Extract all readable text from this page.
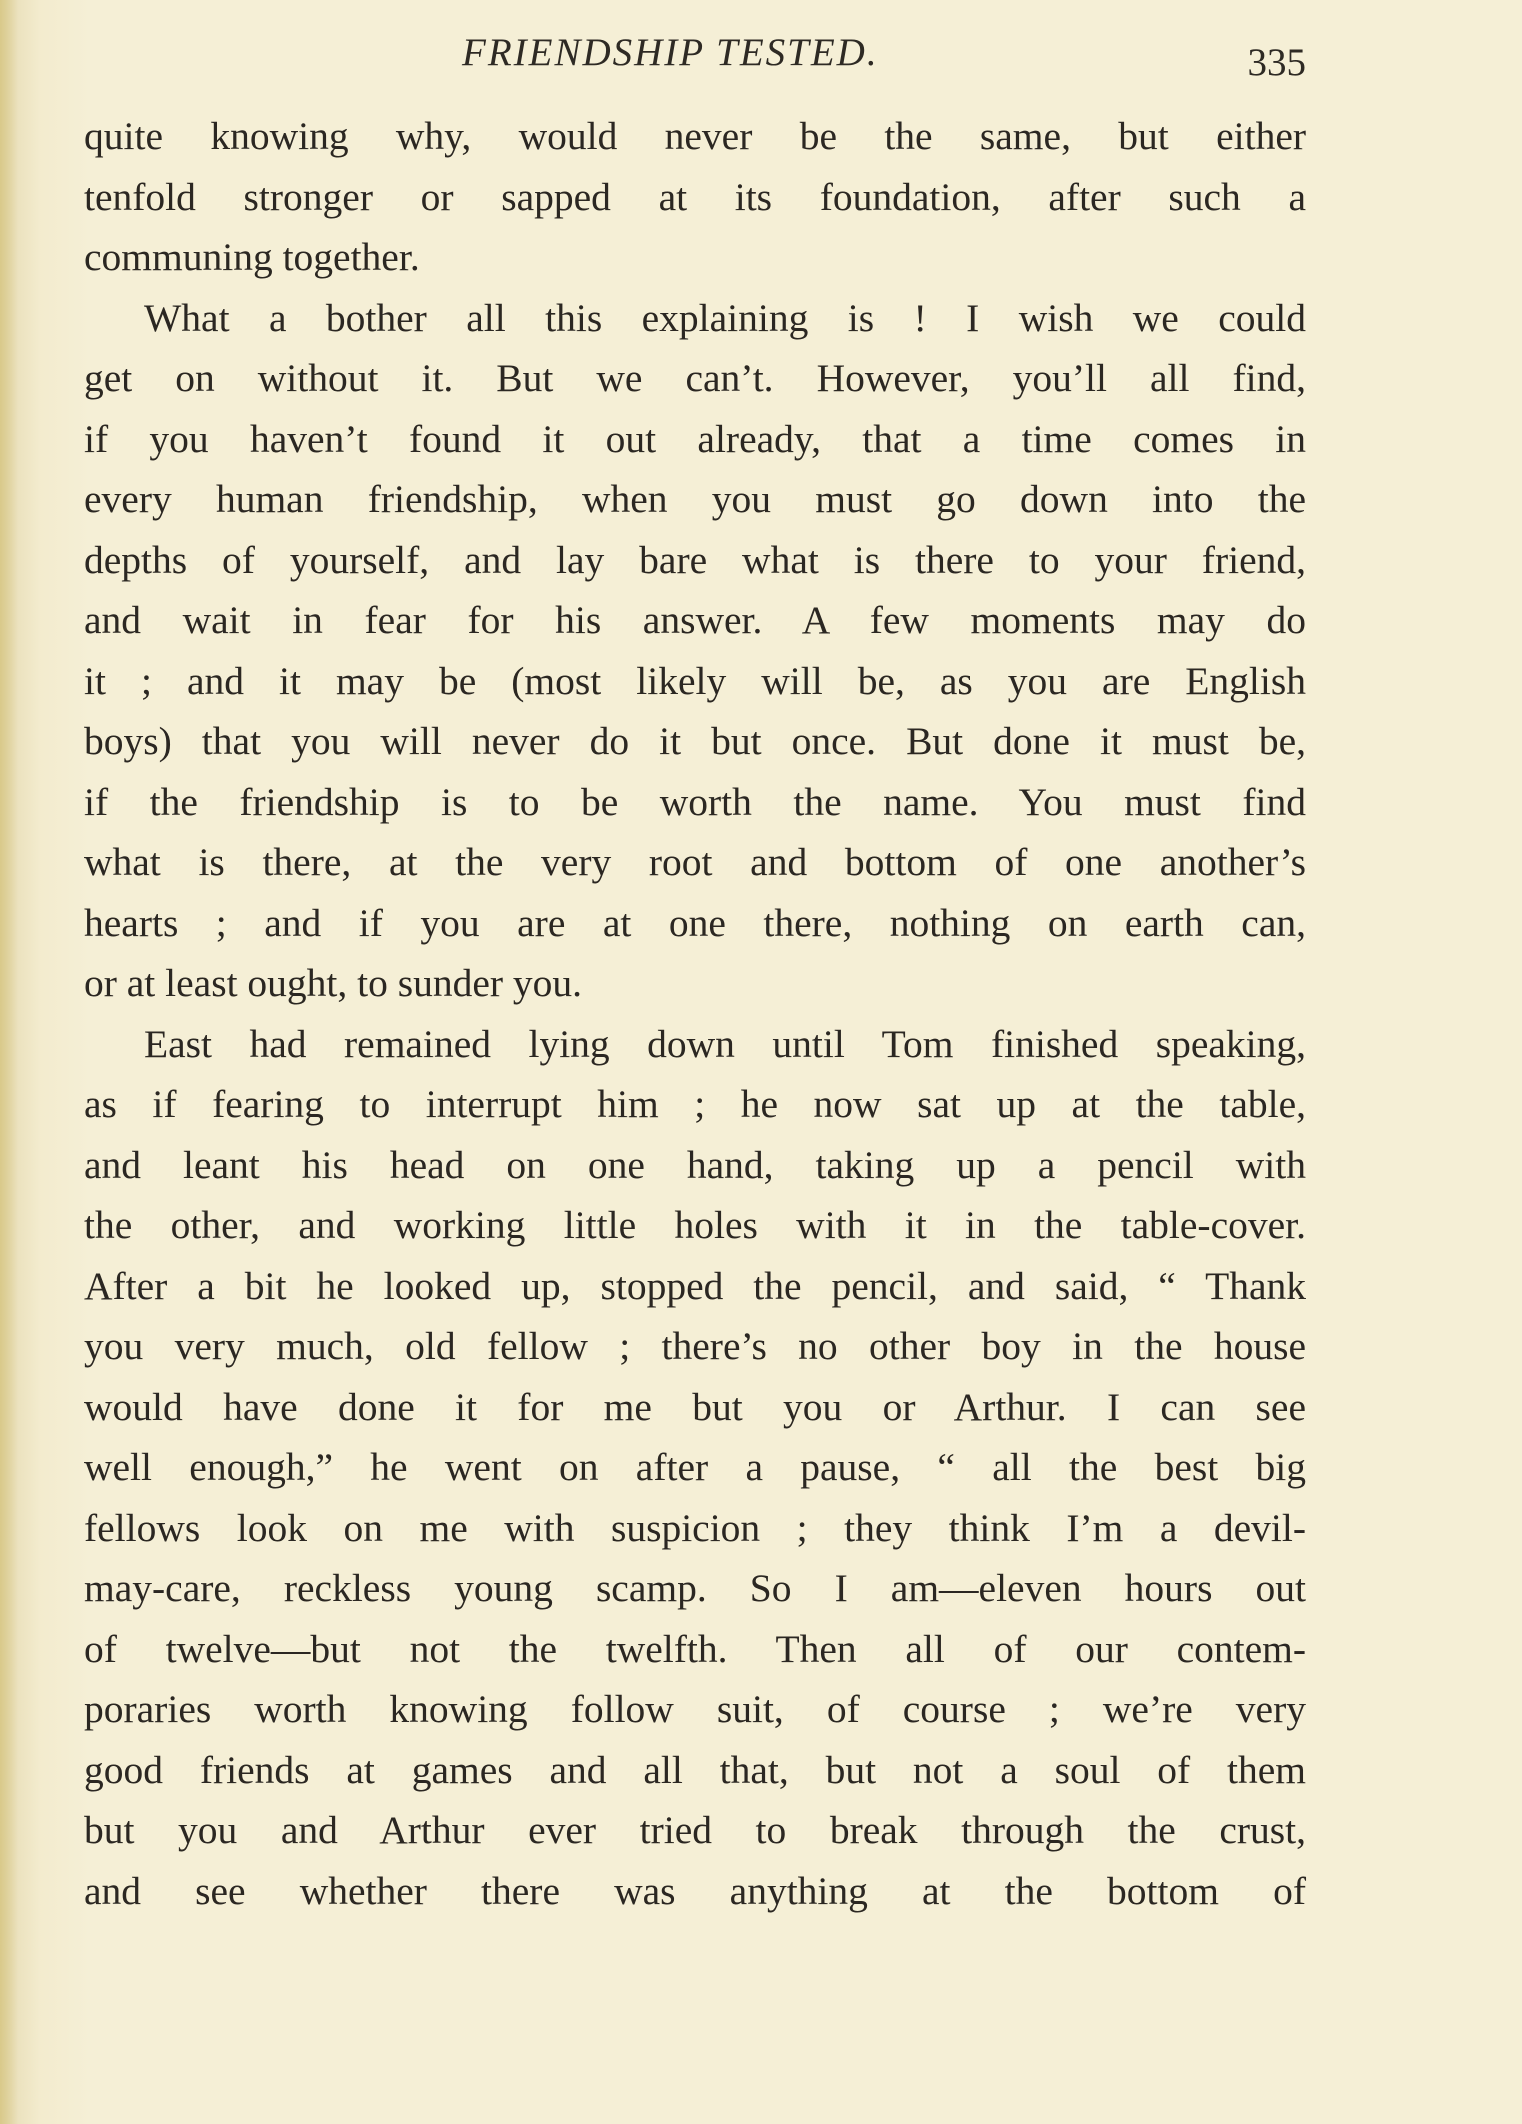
FRIENDSHIP TESTED.	335
quite knowing why, would never be the same, but either
tenfold stronger or sapped at its foundation, after such a
communing together.
What a bother all this explaining is ! I wish we could
get on without it. But we can’t. However, you’ll all find,
if you haven’t found it out already, that a time comes in
every human friendship, when you must go down into the
depths of yourself, and lay bare what is there to your friend,
and wait in fear for his answer. A few moments may do
it ; and it may be (most likely will be, as you are English
boys) that you will never do it but once. But done it must be,
if the friendship is to be worth the name. You must find
what is there, at the very root and bottom of one another’s
hearts ; and if you are at one there, nothing on earth can,
or at least ought, to sunder you.
East had remained lying down until Tom finished speaking,
as if fearing to interrupt him ; he now sat up at the table,
and leant his head on one hand, taking up a pencil with
the other, and working little holes with it in the table-cover.
After a bit he looked up, stopped the pencil, and said, “ Thank
you very much, old fellow ; there’s no other boy in the house
would have done it for me but you or Arthur. I can see
well enough,” he went on after a pause, “ all the best big
fellows look on me with suspicion ; they think I’m a devil-
may-care, reckless young scamp. So I am—eleven hours out
of twelve—but not the twelfth. Then all of our contem-
poraries worth knowing follow suit, of course ; we’re very
good friends at games and all that, but not a soul of them
but you and Arthur ever tried to break through the crust,
and see whether there was anything at the bottom of
